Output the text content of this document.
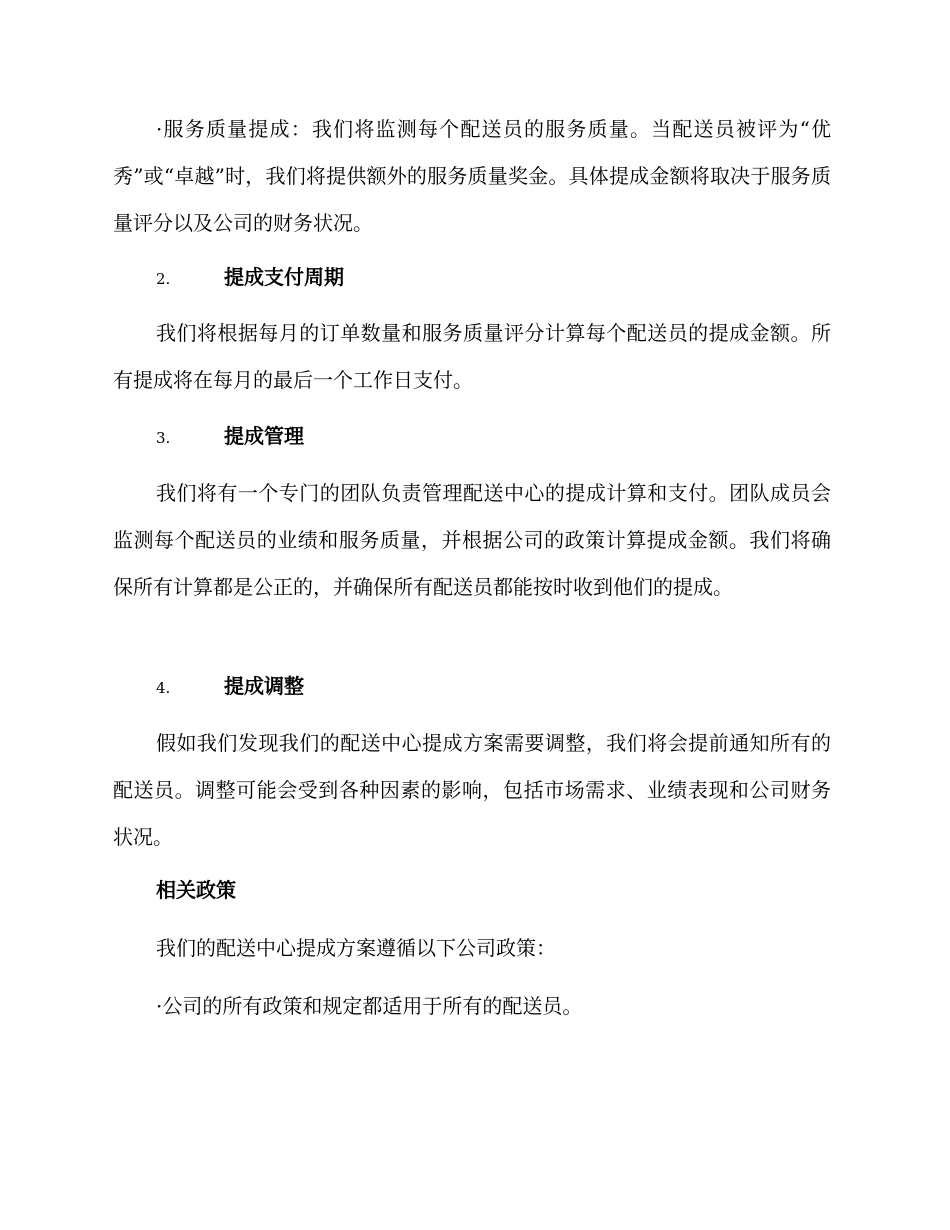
·服务质量提成：我们将监测每个配送员的服务质量。当配送员被评为“优秀”或“卓越”时，我们将提供额外的服务质量奖金。具体提成金额将取决于服务质量评分以及公司的财务状况。

2.	提成支付周期

我们将根据每月的订单数量和服务质量评分计算每个配送员的提成金额。所有提成将在每月的最后一个工作日支付。

3.	提成管理

我们将有一个专门的团队负责管理配送中心的提成计算和支付。团队成员会监测每个配送员的业绩和服务质量，并根据公司的政策计算提成金额。我们将确保所有计算都是公正的，并确保所有配送员都能按时收到他们的提成。

4.	提成调整

假如我们发现我们的配送中心提成方案需要调整，我们将会提前通知所有的配送员。调整可能会受到各种因素的影响，包括市场需求、业绩表现和公司财务状况。

相关政策

我们的配送中心提成方案遵循以下公司政策：

·公司的所有政策和规定都适用于所有的配送员。
